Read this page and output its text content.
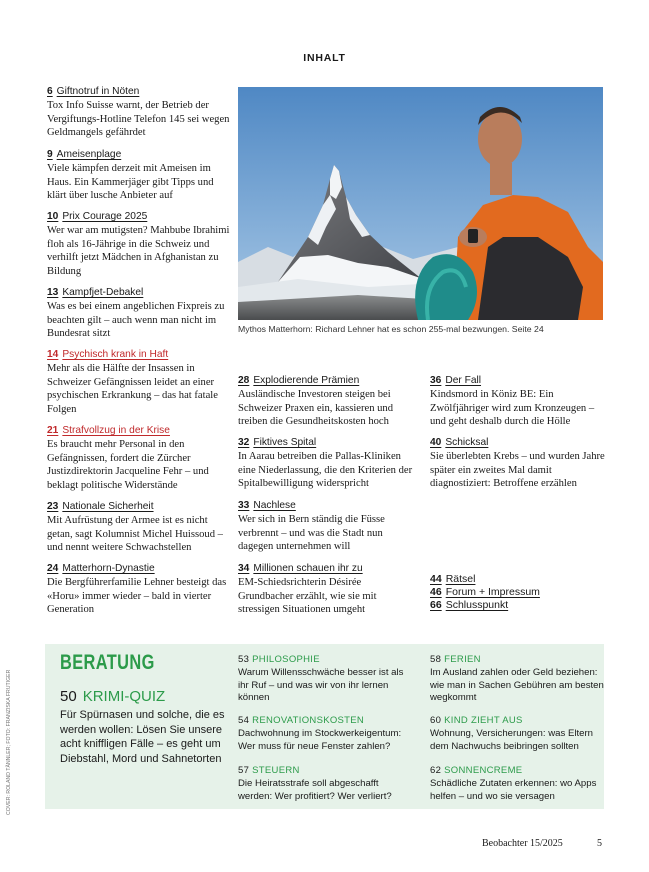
INHALT
6 Giftnotruf in Nöten
Tox Info Suisse warnt, der Betrieb der Vergiftungs-Hotline Telefon 145 sei wegen Geldmangels gefährdet
9 Ameisenplage
Viele kämpfen derzeit mit Ameisen im Haus. Ein Kammerjäger gibt Tipps und klärt über lusche Anbieter auf
10 Prix Courage 2025
Wer war am mutigsten? Mahbube Ibrahimi floh als 16-Jährige in die Schweiz und verhilft jetzt Mädchen in Afghanistan zu Bildung
13 Kampfjet-Debakel
Was es bei einem angeblichen Fixpreis zu beachten gilt – auch wenn man nicht im Bundesrat sitzt
14 Psychisch krank in Haft
Mehr als die Hälfte der Insassen in Schweizer Gefängnissen leidet an einer psychischen Erkrankung – das hat fatale Folgen
21 Strafvollzug in der Krise
Es braucht mehr Personal in den Gefängnissen, fordert die Zürcher Justizdirektorin Jacqueline Fehr – und beklagt politische Widerstände
23 Nationale Sicherheit
Mit Aufrüstung der Armee ist es nicht getan, sagt Kolumnist Michel Huissoud – und nennt weitere Schwachstellen
24 Matterhorn-Dynastie
Die Bergführerfamilie Lehner besteigt das «Horu» immer wieder – bald in vierter Generation
Mythos Matterhorn: Richard Lehner hat es schon 255-mal bezwungen. Seite 24
28 Explodierende Prämien
Ausländische Investoren steigen bei Schweizer Praxen ein, kassieren und treiben die Gesundheitskosten hoch
32 Fiktives Spital
In Aarau betreiben die Pallas-Kliniken eine Niederlassung, die den Kriterien der Spitalbewilligung widerspricht
33 Nachlese
Wer sich in Bern ständig die Füsse verbrennt – und was die Stadt nun dagegen unternehmen will
34 Millionen schauen ihr zu
EM-Schiedsrichterin Désirée Grundbacher erzählt, wie sie mit stressigen Situationen umgeht
36 Der Fall
Kindsmord in Köniz BE: Ein Zwölfjähriger wird zum Kronzeugen – und geht deshalb durch die Hölle
40 Schicksal
Sie überlebten Krebs – und wurden Jahre später ein zweites Mal damit diagnostiziert: Betroffene erzählen
44 Rätsel
46 Forum + Impressum
66 Schlusspunkt
BERATUNG
50 KRIMI-QUIZ
Für Spürnasen und solche, die es werden wollen: Lösen Sie unsere acht kniffligen Fälle – es geht um Diebstahl, Mord und Sahnetorten
53 PHILOSOPHIE
Warum Willensschwäche besser ist als ihr Ruf – und was wir von ihr lernen können
54 RENOVATIONSKOSTEN
Dachwohnung im Stockwerkeigentum: Wer muss für neue Fenster zahlen?
57 STEUERN
Die Heiratsstrafe soll abgeschafft werden: Wer profitiert? Wer verliert?
58 FERIEN
Im Ausland zahlen oder Geld beziehen: wie man in Sachen Gebühren am besten wegkommt
60 KIND ZIEHT AUS
Wohnung, Versicherungen: was Eltern dem Nachwuchs beibringen sollten
62 SONNENCREME
Schädliche Zutaten erkennen: wo Apps helfen – und wo sie versagen
COVER: ROLAND TÄNNLER; FOTO: FRANZISKA FRUTIGER
Beobachter 15/2025	5
